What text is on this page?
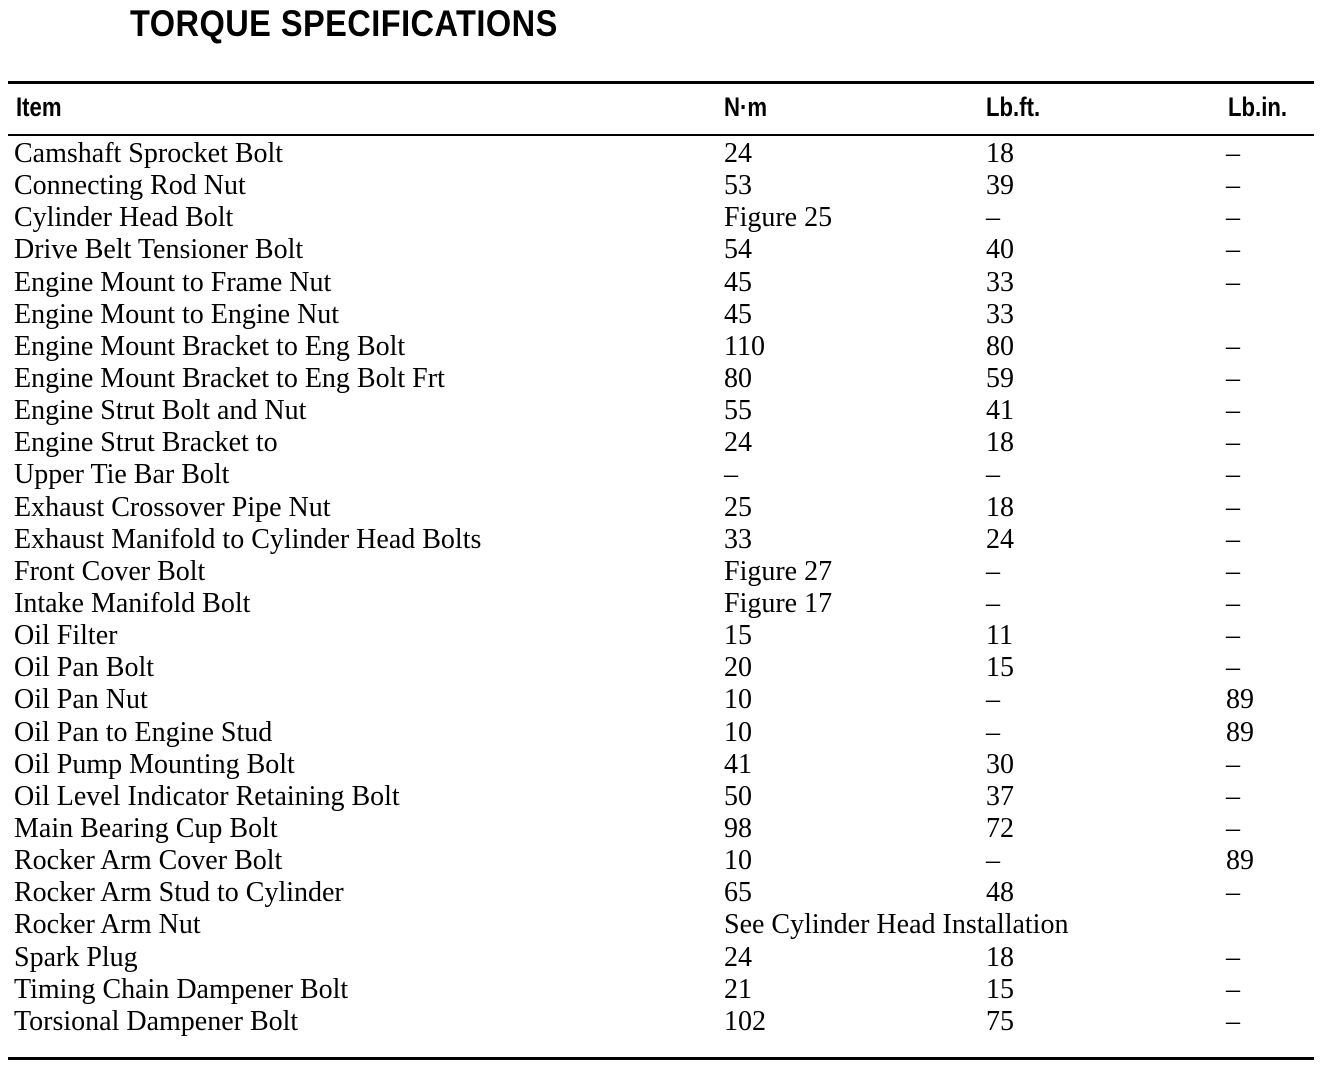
TORQUE SPECIFICATIONS
Item	N·m	Lb.ft.	Lb.in.
Camshaft Sprocket Bolt	24	18	–
Connecting Rod Nut	53	39	–
Cylinder Head Bolt	Figure 25	–	–
Drive Belt Tensioner Bolt	54	40	–
Engine Mount to Frame Nut	45	33	–
Engine Mount to Engine Nut	45	33
Engine Mount Bracket to Eng Bolt	110	80	–
Engine Mount Bracket to Eng Bolt Frt	80	59	–
Engine Strut Bolt and Nut	55	41	–
Engine Strut Bracket to	24	18	–
Upper Tie Bar Bolt	–	–	–
Exhaust Crossover Pipe Nut	25	18	–
Exhaust Manifold to Cylinder Head Bolts	33	24	–
Front Cover Bolt	Figure 27	–	–
Intake Manifold Bolt	Figure 17	–	–
Oil Filter	15	11	–
Oil Pan Bolt	20	15	–
Oil Pan Nut	10	–	89
Oil Pan to Engine Stud	10	–	89
Oil Pump Mounting Bolt	41	30	–
Oil Level Indicator Retaining Bolt	50	37	–
Main Bearing Cup Bolt	98	72	–
Rocker Arm Cover Bolt	10	–	89
Rocker Arm Stud to Cylinder	65	48	–
Rocker Arm Nut	See Cylinder Head Installation
Spark Plug	24	18	–
Timing Chain Dampener Bolt	21	15	–
Torsional Dampener Bolt	102	75	–
